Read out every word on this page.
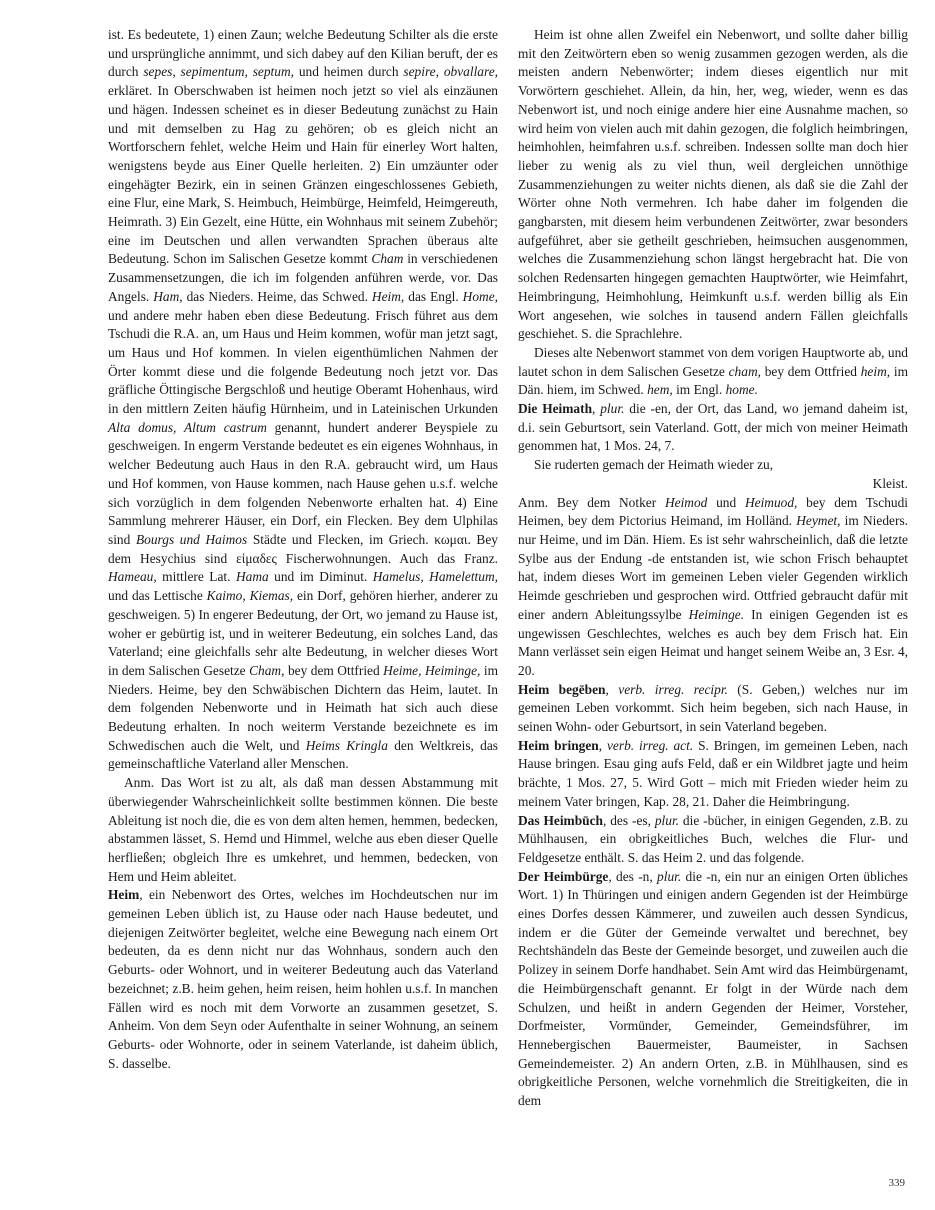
ist. Es bedeutete, 1) einen Zaun; welche Bedeutung Schilter als die erste und ursprüngliche annimmt, und sich dabey auf den Kilian beruft, der es durch sepes, sepimentum, septum, und heimen durch sepire, obvallare, erkläret. In Oberschwaben ist heimen noch jetzt so viel als einzäunen und hägen. Indessen scheinet es in dieser Bedeutung zunächst zu Hain und mit demselben zu Hag zu gehören; ob es gleich nicht an Wortforschern fehlet, welche Heim und Hain für einerley Wort halten, wenigstens beyde aus Einer Quelle herleiten. 2) Ein umzäunter oder eingehägter Bezirk, ein in seinen Gränzen eingeschlossenes Gebieth, eine Flur, eine Mark, S. Heimbuch, Heimbürge, Heimfeld, Heimgereuth, Heimrath. 3) Ein Gezelt, eine Hütte, ein Wohnhaus mit seinem Zubehör; eine im Deutschen und allen verwandten Sprachen überaus alte Bedeutung. Schon im Salischen Gesetze kommt Cham in verschiedenen Zusammensetzungen, die ich im folgenden anführen werde, vor. Das Angels. Ham, das Nieders. Heime, das Schwed. Heim, das Engl. Home, und andere mehr haben eben diese Bedeutung. Frisch führet aus dem Tschudi die R.A. an, um Haus und Heim kommen, wofür man jetzt sagt, um Haus und Hof kommen. In vielen eigenthümlichen Nahmen der Örter kommt diese und die folgende Bedeutung noch jetzt vor. Das gräfliche Öttingische Bergschloß und heutige Oberamt Hohenhaus, wird in den mittlern Zeiten häufig Hürnheim, und in Lateinischen Urkunden Alta domus, Altum castrum genannt, hundert anderer Beyspiele zu geschweigen. In engerm Verstande bedeutet es ein eigenes Wohnhaus, in welcher Bedeutung auch Haus in den R.A. gebraucht wird, um Haus und Hof kommen, von Hause kommen, nach Hause gehen u.s.f. welche sich vorzüglich in dem folgenden Nebenworte erhalten hat. 4) Eine Sammlung mehrerer Häuser, ein Dorf, ein Flecken. Bey dem Ulphilas sind Bourgs und Haimos Städte und Flecken, im Griech. κωμαι. Bey dem Hesychius sind εἱμαδες Fischerwohnungen. Auch das Franz. Hameau, mittlere Lat. Hama und im Diminut. Hamelus, Hamelettum, und das Lettische Kaimo, Kiemas, ein Dorf, gehören hierher, anderer zu geschweigen. 5) In engerer Bedeutung, der Ort, wo jemand zu Hause ist, woher er gebürtig ist, und in weiterer Bedeutung, ein solches Land, das Vaterland; eine gleichfalls sehr alte Bedeutung, in welcher dieses Wort in dem Salischen Gesetze Cham, bey dem Ottfried Heime, Heiminge, im Nieders. Heime, bey den Schwäbischen Dichtern das Heim, lautet. In dem folgenden Nebenworte und in Heimath hat sich auch diese Bedeutung erhalten. In noch weiterm Verstande bezeichnete es im Schwedischen auch die Welt, und Heims Kringla den Weltkreis, das gemeinschaftliche Vaterland aller Menschen.

Anm. Das Wort ist zu alt, als daß man dessen Abstammung mit überwiegender Wahrscheinlichkeit sollte bestimmen können. Die beste Ableitung ist noch die, die es von dem alten hemen, hemmen, bedecken, abstammen lässet, S. Hemd und Himmel, welche aus eben dieser Quelle herfließen; obgleich Ihre es umkehret, und hemmen, bedecken, von Hem und Heim ableitet.

Heim, ein Nebenwort des Ortes, welches im Hochdeutschen nur im gemeinen Leben üblich ist, zu Hause oder nach Hause bedeutet, und diejenigen Zeitwörter begleitet, welche eine Bewegung nach einem Ort bedeuten, da es denn nicht nur das Wohnhaus, sondern auch den Geburts- oder Wohnort, und in weiterer Bedeutung auch das Vaterland bezeichnet; z.B. heim gehen, heim reisen, heim hohlen u.s.f. In manchen Fällen wird es noch mit dem Vorworte an zusammen gesetzet, S. Anheim. Von dem Seyn oder Aufenthalte in seiner Wohnung, an seinem Geburts- oder Wohnorte, oder in seinem Vaterlande, ist daheim üblich, S. dasselbe.

Heim ist ohne allen Zweifel ein Nebenwort, und sollte daher billig mit den Zeitwörtern eben so wenig zusammen gezogen werden, als die meisten andern Nebenwörter; indem dieses eigentlich nur mit Vorwörtern geschiehet. Allein, da hin, her, weg, wieder, wenn es das Nebenwort ist, und noch einige andere hier eine Ausnahme machen, so wird heim von vielen auch mit dahin gezogen, die folglich heimbringen, heimhohlen, heimfahren u.s.f. schreiben. Indessen sollte man doch hier lieber zu wenig als zu viel thun, weil dergleichen unnöthige Zusammenziehungen zu weiter nichts dienen, als daß sie die Zahl der Wörter ohne Noth vermehren. Ich habe daher im folgenden die gangbarsten, mit diesem heim verbundenen Zeitwörter, zwar besonders aufgeführet, aber sie getheilt geschrieben, heimsuchen ausgenommen, welches die Zusammenziehung schon längst hergebracht hat. Die von solchen Redensarten hingegen gemachten Hauptwörter, wie Heimfahrt, Heimbringung, Heimhohlung, Heimkunft u.s.f. werden billig als Ein Wort angesehen, wie solches in tausend andern Fällen gleichfalls geschiehet. S. die Sprachlehre.

Dieses alte Nebenwort stammet von dem vorigen Hauptworte ab, und lautet schon in dem Salischen Gesetze cham, bey dem Ottfried heim, im Dän. hiem, im Schwed. hem, im Engl. home.

Die Heimath, plur. die -en, der Ort, das Land, wo jemand daheim ist, d.i. sein Geburtsort, sein Vaterland. Gott, der mich von meiner Heimath genommen hat, 1 Mos. 24, 7.

Sie ruderten gemach der Heimath wieder zu,

Kleist.

Anm. Bey dem Notker Heimod und Heimuod, bey dem Tschudi Heimen, bey dem Pictorius Heimand, im Holländ. Heymet, im Nieders. nur Heime, und im Dän. Hiem. Es ist sehr wahrscheinlich, daß die letzte Sylbe aus der Endung -de entstanden ist, wie schon Frisch behauptet hat, indem dieses Wort im gemeinen Leben vieler Gegenden wirklich Heimde geschrieben und gesprochen wird. Ottfried gebraucht dafür mit einer andern Ableitungssylbe Heiminge. In einigen Gegenden ist es ungewissen Geschlechtes, welches es auch bey dem Frisch hat. Ein Mann verlässet sein eigen Heimat und hanget seinem Weibe an, 3 Esr. 4, 20.

Heim begēben, verb. irreg. recipr. (S. Geben,) welches nur im gemeinen Leben vorkommt. Sich heim begeben, sich nach Hause, in seinen Wohn- oder Geburtsort, in sein Vaterland begeben.

Heim bringen, verb. irreg. act. S. Bringen, im gemeinen Leben, nach Hause bringen. Esau ging aufs Feld, daß er ein Wildbret jagte und heim brächte, 1 Mos. 27, 5. Wird Gott – mich mit Frieden wieder heim zu meinem Vater bringen, Kap. 28, 21. Daher die Heimbringung.

Das Heimbūch, des -es, plur. die -bücher, in einigen Gegenden, z.B. zu Mühlhausen, ein obrigkeitliches Buch, welches die Flur- und Feldgesetze enthält. S. das Heim 2. und das folgende.

Der Heimbürge, des -n, plur. die -n, ein nur an einigen Orten übliches Wort. 1) In Thüringen und einigen andern Gegenden ist der Heimbürge eines Dorfes dessen Kämmerer, und zuweilen auch dessen Syndicus, indem er die Güter der Gemeinde verwaltet und berechnet, bey Rechtshändeln das Beste der Gemeinde besorget, und zuweilen auch die Polizey in seinem Dorfe handhabet. Sein Amt wird das Heimbürgenamt, die Heimbürgenschaft genannt. Er folgt in der Würde nach dem Schulzen, und heißt in andern Gegenden der Heimer, Vorsteher, Dorfmeister, Vormünder, Gemeinder, Gemeindsführer, im Hennebergischen Bauermeister, Baumeister, in Sachsen Gemeindemeister. 2) An andern Orten, z.B. in Mühlhausen, sind es obrigkeitliche Personen, welche vornehmlich die Streitigkeiten, die in dem

339
